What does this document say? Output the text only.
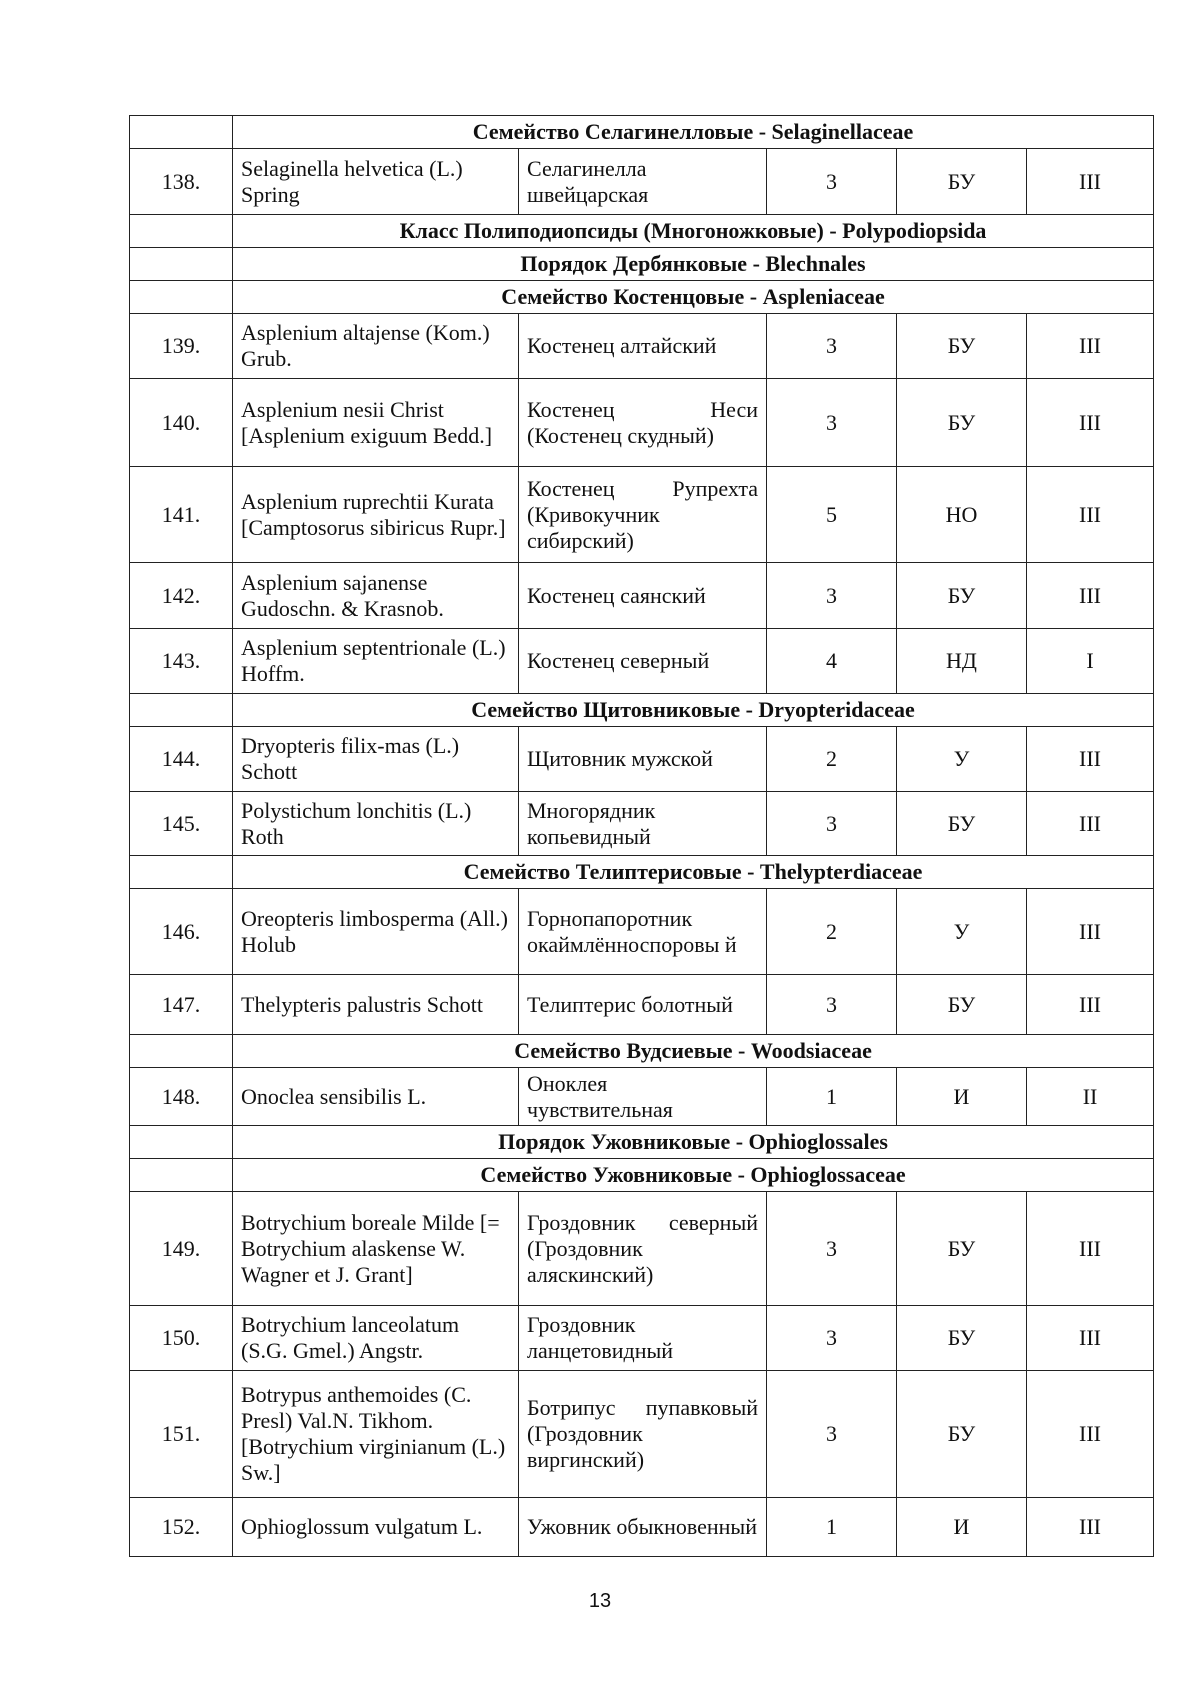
	Семейство Селагинелловые - Selaginellaceae				
138.	Selaginella helvetica (L.) Spring	Селагинелла швейцарская	3	БУ	III
	Класс Полиподиопсиды (Многоножковые) - Polypodiopsida				
	Порядок Дербянковые - Blechnales				
	Семейство Костенцовые - Aspleniaceae				
139.	Asplenium altajense (Kom.) Grub.	Костенец алтайский	3	БУ	III
140.	Asplenium nesii Christ [Asplenium exiguum Bedd.]	Костенец Неси (Костенец скудный)	3	БУ	III
141.	Asplenium ruprechtii Kurata [Camptosorus sibiricus Rupr.]	Костенец Рупрехта (Кривокучник сибирский)	5	НО	III
142.	Asplenium sajanense Gudoschn. & Krasnob.	Костенец саянский	3	БУ	III
143.	Asplenium septentrionale (L.) Hoffm.	Костенец северный	4	НД	I
	Семейство Щитовниковые - Dryopteridaceae				
144.	Dryopteris filix-mas (L.) Schott	Щитовник мужской	2	У	III
145.	Polystichum lonchitis (L.) Roth	Многорядник копьевидный	3	БУ	III
	Семейство Телиптерисовые - Thelypterdiaceae				
146.	Oreopteris limbosperma (All.) Holub	Горнопапоротник окаймлённоспоровы й	2	У	III
147.	Thelypteris palustris Schott	Телиптерис болотный	3	БУ	III
	Семейство Вудсиевые - Woodsiaceae				
148.	Onoclea sensibilis L.	Оноклея чувствительная	1	И	II
	Порядок Ужовниковые - Ophioglossales				
	Семейство Ужовниковые - Ophioglossaceae				
149.	Botrychium boreale Milde [= Botrychium alaskense W. Wagner et J. Grant]	Гроздовник северный (Гроздовник аляскинский)	3	БУ	III
150.	Botrychium lanceolatum (S.G. Gmel.) Angstr.	Гроздовник ланцетовидный	3	БУ	III
151.	Botrypus anthemoides (C. Presl) Val.N. Tikhom. [Botrychium virginianum (L.) Sw.]	Ботрипус пупавковый (Гроздовник виргинский)	3	БУ	III
152.	Ophioglossum vulgatum L.	Ужовник обыкновенный	1	И	III
13
